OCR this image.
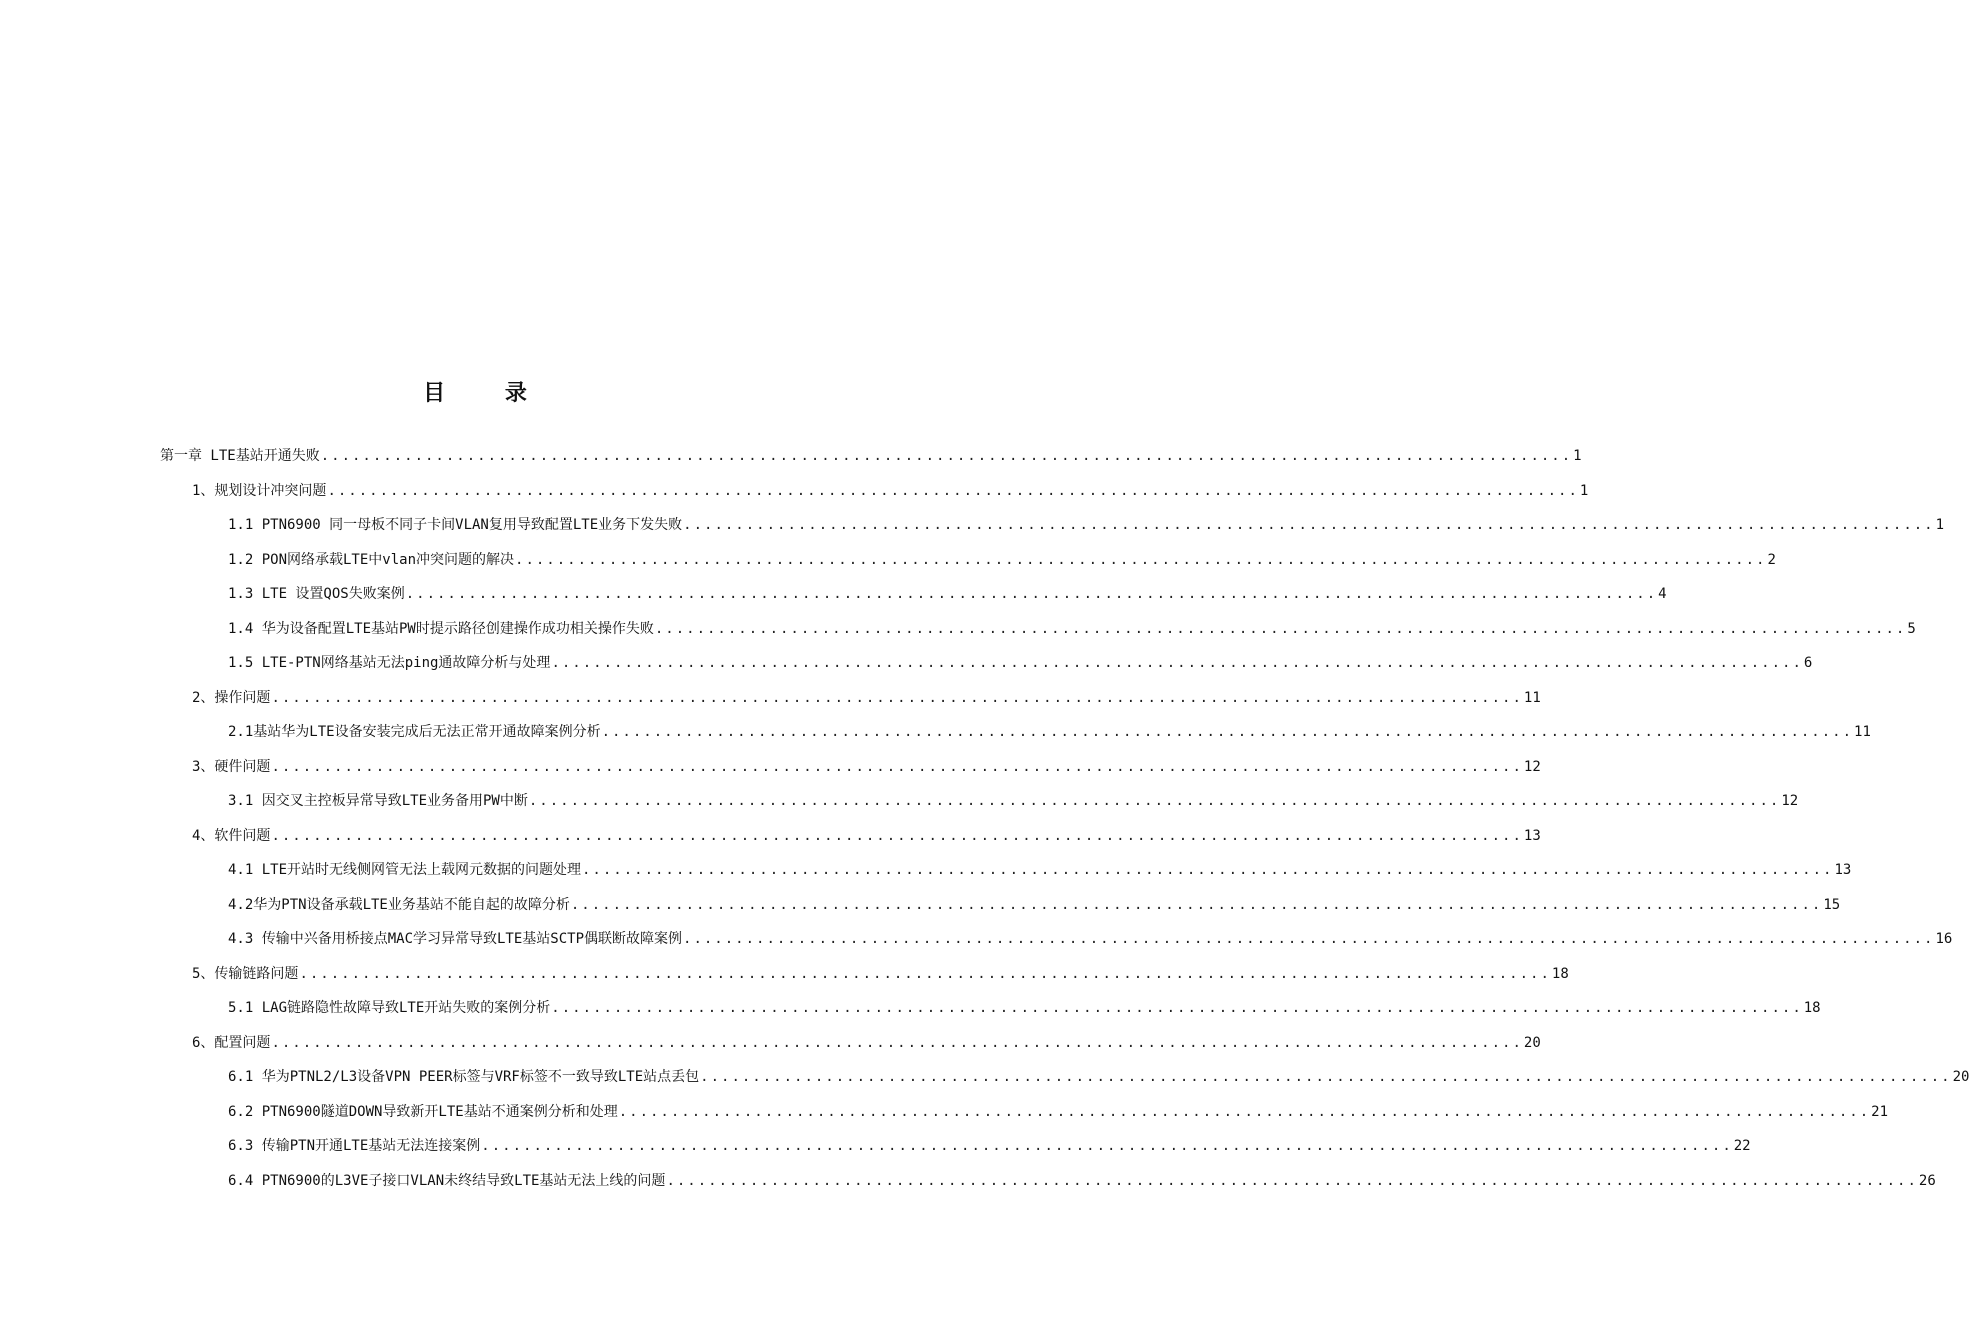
目 录
第一章 LTE基站开通失败 ........................................................................................................................ 1
1、规划设计冲突问题 ........................................................................................................................ 1
1.1 PTN6900 同一母板不同子卡间VLAN复用导致配置LTE业务下发失败 ........................................................................................................................ 1
1.2 PON网络承载LTE中vlan冲突问题的解决 ........................................................................................................................ 2
1.3 LTE 设置QOS失败案例 ........................................................................................................................ 4
1.4 华为设备配置LTE基站PW时提示路径创建操作成功相关操作失败 ........................................................................................................................ 5
1.5 LTE-PTN网络基站无法ping通故障分析与处理 ........................................................................................................................ 6
2、操作问题 ........................................................................................................................ 11
2.1基站华为LTE设备安装完成后无法正常开通故障案例分析 ........................................................................................................................ 11
3、硬件问题 ........................................................................................................................ 12
3.1 因交叉主控板异常导致LTE业务备用PW中断 ........................................................................................................................ 12
4、软件问题 ........................................................................................................................ 13
4.1 LTE开站时无线侧网管无法上载网元数据的问题处理 ........................................................................................................................ 13
4.2华为PTN设备承载LTE业务基站不能自起的故障分析 ........................................................................................................................ 15
4.3 传输中兴备用桥接点MAC学习异常导致LTE基站SCTP偶联断故障案例 ........................................................................................................................ 16
5、传输链路问题 ........................................................................................................................ 18
5.1 LAG链路隐性故障导致LTE开站失败的案例分析 ........................................................................................................................ 18
6、配置问题 ........................................................................................................................ 20
6.1 华为PTNL2/L3设备VPN PEER标签与VRF标签不一致导致LTE站点丢包 ........................................................................................................................ 20
6.2 PTN6900隧道DOWN导致新开LTE基站不通案例分析和处理 ........................................................................................................................ 21
6.3 传输PTN开通LTE基站无法连接案例 ........................................................................................................................ 22
6.4 PTN6900的L3VE子接口VLAN未终结导致LTE基站无法上线的问题 ........................................................................................................................ 26
